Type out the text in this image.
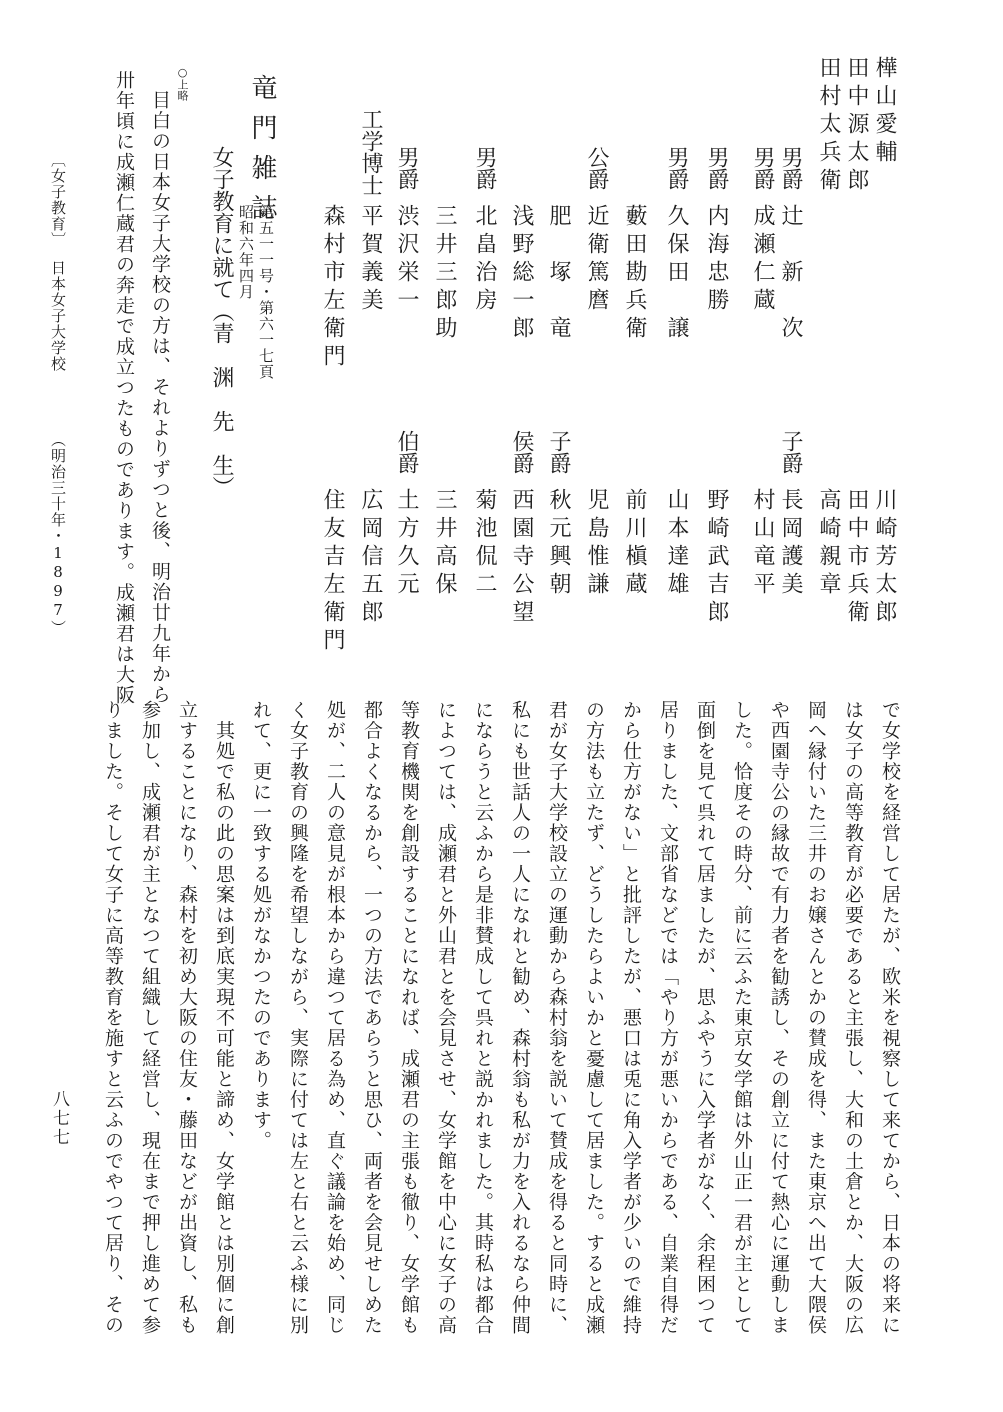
樺山愛輔
田中源太郎
田村太兵衛
男爵
辻　新　次
男爵
成瀬仁蔵
男爵
内海忠勝
男爵
久保田　譲
藪田勘兵衛
公爵
近衛篤麿
肥　塚　竜
浅野総一郎
男爵
北畠治房
三井三郎助
男爵
渋沢栄一
工学博士
平賀義美
森村市左衛門
川崎芳太郎
田中市兵衛
高崎親章
子爵
長岡護美
村山竜平
野崎武吉郎
山本達雄
前川槇蔵
児島惟謙
子爵
秋元興朝
侯爵
西園寺公望
菊池侃二
三井高保
伯爵
土方久元
広岡信五郎
住友吉左衛門
竜門雑誌
第五一一号・第六一七頁
昭和六年四月
女子教育に就て
（青　渊　先　生）
○上略
目白の日本女子大学校の方は、それよりずつと後、明治廿九年から
卅年頃に成瀬仁蔵君の奔走で成立つたものであります。成瀬君は大阪
〔女子教育〕
日本女子大学校
（明治三十年・1897）
で女学校を経営して居たが、欧米を視察して来てから、日本の将来に
は女子の高等教育が必要であると主張し、大和の土倉とか、大阪の広
岡へ縁付いた三井のお嬢さんとかの賛成を得、また東京へ出て大隈侯
や西園寺公の縁故で有力者を勧誘し、その創立に付て熱心に運動しま
した。恰度その時分、前に云ふた東京女学館は外山正一君が主として
面倒を見て呉れて居ましたが、思ふやうに入学者がなく、余程困つて
居りました、文部省などでは「やり方が悪いからである、自業自得だ
から仕方がない」と批評したが、悪口は兎に角入学者が少いので維持
の方法も立たず、どうしたらよいかと憂慮して居ました。すると成瀬
君が女子大学校設立の運動から森村翁を説いて賛成を得ると同時に、
私にも世話人の一人になれと勧め、森村翁も私が力を入れるなら仲間
にならうと云ふから是非賛成して呉れと説かれました。其時私は都合
によつては、成瀬君と外山君とを会見させ、女学館を中心に女子の高
等教育機関を創設することになれば、成瀬君の主張も徹り、女学館も
都合よくなるから、一つの方法であらうと思ひ、両者を会見せしめた
処が、二人の意見が根本から違つて居る為め、直ぐ議論を始め、同じ
く女子教育の興隆を希望しながら、実際に付ては左と右と云ふ様に別
れて、更に一致する処がなかつたのであります。
　其処で私の此の思案は到底実現不可能と諦め、女学館とは別個に創
立することになり、森村を初め大阪の住友・藤田などが出資し、私も
参加し、成瀬君が主となつて組織して経営し、現在まで押し進めて参
りました。そして女子に高等教育を施すと云ふのでやつて居り、その
八七七
